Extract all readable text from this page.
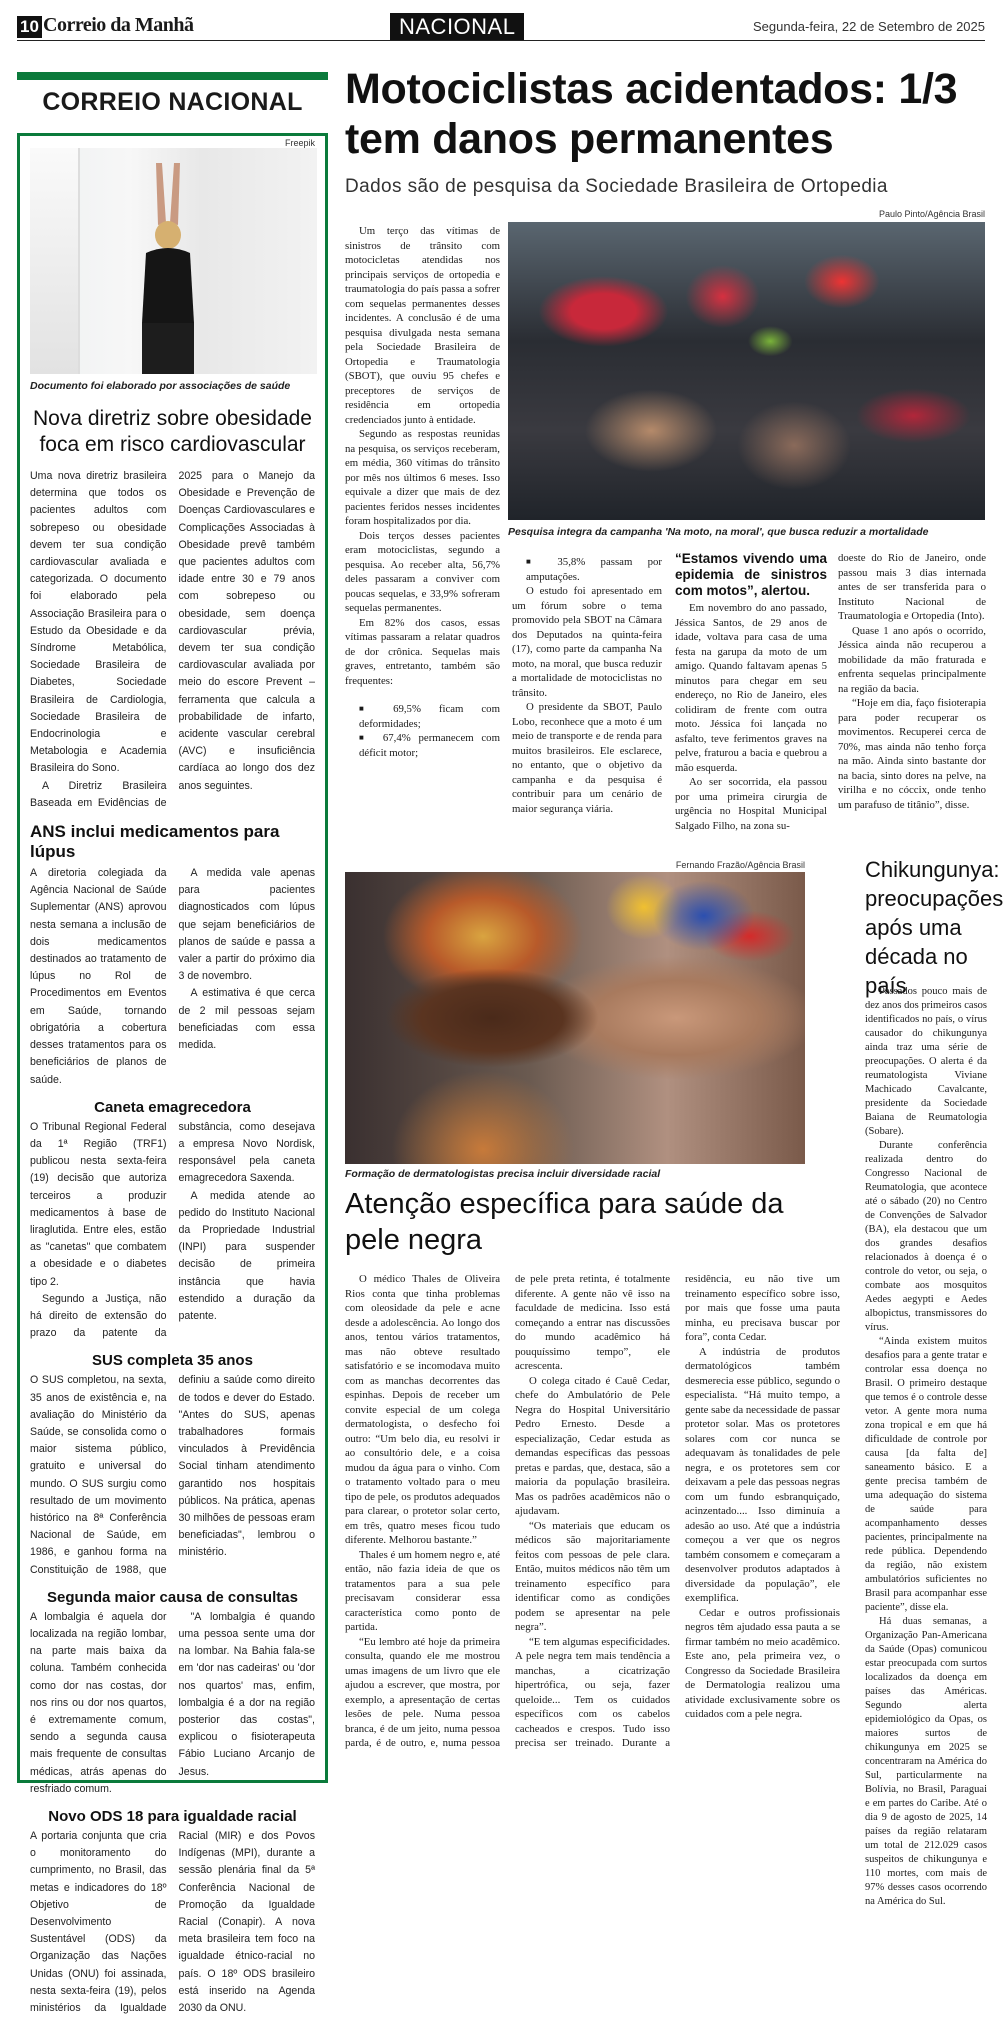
10 Correio da Manhã	NACIONAL	Segunda-feira, 22 de Setembro de 2025
CORREIO NACIONAL
Freepik
Documento foi elaborado por associações de saúde
Nova diretriz sobre obesidade foca em risco cardiovascular

Uma nova diretriz brasileira determina que todos os pacientes adultos com sobrepeso ou obesidade devem ter sua condição cardiovascular avaliada e categorizada. O documento foi elaborado pela Associação Brasileira para o Estudo da Obesidade e da Síndrome Metabólica, Sociedade Brasileira de Diabetes, Sociedade Brasileira de Cardiologia, Sociedade Brasileira de Endocrinologia e Metabologia e Academia Brasileira do Sono.

A Diretriz Brasileira Baseada em Evidências de 2025 para o Manejo da Obesidade e Prevenção de Doenças Cardiovasculares e Complicações Associadas à Obesidade prevê também que pacientes adultos com idade entre 30 e 79 anos com sobrepeso ou obesidade, sem doença cardiovascular prévia, devem ter sua condição cardiovascular avaliada por meio do escore Prevent – ferramenta que calcula a probabilidade de infarto, acidente vascular cerebral (AVC) e insuficiência cardíaca ao longo dos dez anos seguintes.

ANS inclui medicamentos para lúpus

A diretoria colegiada da Agência Nacional de Saúde Suplementar (ANS) aprovou nesta semana a inclusão de dois medicamentos destinados ao tratamento de lúpus no Rol de Procedimentos em Eventos em Saúde, tornando obrigatória a cobertura desses tratamentos para os beneficiários de planos de saúde.

A medida vale apenas para pacientes diagnosticados com lúpus que sejam beneficiários de planos de saúde e passa a valer a partir do próximo dia 3 de novembro.

A estimativa é que cerca de 2 mil pessoas sejam beneficiadas com essa medida.

Caneta emagrecedora

O Tribunal Regional Federal da 1ª Região (TRF1) publicou nesta sexta-feira (19) decisão que autoriza terceiros a produzir medicamentos à base de liraglutida. Entre eles, estão as "canetas" que combatem a obesidade e o diabetes tipo 2.

Segundo a Justiça, não há direito de extensão do prazo da patente da substância, como desejava a empresa Novo Nordisk, responsável pela caneta emagrecedora Saxenda.

A medida atende ao pedido do Instituto Nacional da Propriedade Industrial (INPI) para suspender decisão de primeira instância que havia estendido a duração da patente.

SUS completa 35 anos

O SUS completou, na sexta, 35 anos de existência e, na avaliação do Ministério da Saúde, se consolida como o maior sistema público, gratuito e universal do mundo. O SUS surgiu como resultado de um movimento histórico na 8ª Conferência Nacional de Saúde, em 1986, e ganhou forma na Constituição de 1988, que definiu a saúde como direito de todos e dever do Estado. "Antes do SUS, apenas trabalhadores formais vinculados à Previdência Social tinham atendimento garantido nos hospitais públicos. Na prática, apenas 30 milhões de pessoas eram beneficiadas", lembrou o ministério.

Segunda maior causa de consultas

A lombalgia é aquela dor localizada na região lombar, na parte mais baixa da coluna. Também conhecida como dor nas costas, dor nos rins ou dor nos quartos, é extremamente comum, sendo a segunda causa mais frequente de consultas médicas, atrás apenas do resfriado comum.

"A lombalgia é quando uma pessoa sente uma dor na lombar. Na Bahia fala-se em 'dor nas cadeiras' ou 'dor nos quartos' mas, enfim, lombalgia é a dor na região posterior das costas", explicou o fisioterapeuta Fábio Luciano Arcanjo de Jesus.

Novo ODS 18 para igualdade racial

A portaria conjunta que cria o monitoramento do cumprimento, no Brasil, das metas e indicadores do 18º Objetivo de Desenvolvimento Sustentável (ODS) da Organização das Nações Unidas (ONU) foi assinada, nesta sexta-feira (19), pelos ministérios da Igualdade Racial (MIR) e dos Povos Indígenas (MPI), durante a sessão plenária final da 5ª Conferência Nacional de Promoção da Igualdade Racial (Conapir). A nova meta brasileira tem foco na igualdade étnico-racial no país. O 18º ODS brasileiro está inserido na Agenda 2030 da ONU.

Motociclistas acidentados: 1/3 tem danos permanentes
Dados são de pesquisa da Sociedade Brasileira de Ortopedia
Paulo Pinto/Agência Brasil
Pesquisa integra da campanha 'Na moto, na moral', que busca reduzir a mortalidade

Um terço das vítimas de sinistros de trânsito com motocicletas atendidas nos principais serviços de ortopedia e traumatologia do país passa a sofrer com sequelas permanentes desses incidentes. A conclusão é de uma pesquisa divulgada nesta semana pela Sociedade Brasileira de Ortopedia e Traumatologia (SBOT), que ouviu 95 chefes e preceptores de serviços de residência em ortopedia credenciados junto à entidade.

Segundo as respostas reunidas na pesquisa, os serviços receberam, em média, 360 vítimas do trânsito por mês nos últimos 6 meses. Isso equivale a dizer que mais de dez pacientes feridos nesses incidentes foram hospitalizados por dia.

Dois terços desses pacientes eram motociclistas, segundo a pesquisa. Ao receber alta, 56,7% deles passaram a conviver com poucas sequelas, e 33,9% sofreram sequelas permanentes.

Em 82% dos casos, essas vítimas passaram a relatar quadros de dor crônica. Sequelas mais graves, entretanto, também são frequentes:

■ 69,5% ficam com deformidades;

■ 67,4% permanecem com déficit motor;

■ 35,8% passam por amputações.

O estudo foi apresentado em um fórum sobre o tema promovido pela SBOT na Câmara dos Deputados na quinta-feira (17), como parte da campanha Na moto, na moral, que busca reduzir a mortalidade de motociclistas no trânsito.

O presidente da SBOT, Paulo Lobo, reconhece que a moto é um meio de transporte e de renda para muitos brasileiros. Ele esclarece, no entanto, que o objetivo da campanha e da pesquisa é contribuir para um cenário de maior segurança viária.

“Estamos vivendo uma epidemia de sinistros com motos”, alertou.

Em novembro do ano passado, Jéssica Santos, de 29 anos de idade, voltava para casa de uma festa na garupa da moto de um amigo. Quando faltavam apenas 5 minutos para chegar em seu endereço, no Rio de Janeiro, eles colidiram de frente com outra moto. Jéssica foi lançada no asfalto, teve ferimentos graves na pelve, fraturou a bacia e quebrou a mão esquerda.

Ao ser socorrida, ela passou por uma primeira cirurgia de urgência no Hospital Municipal Salgado Filho, na zona su-

doeste do Rio de Janeiro, onde passou mais 3 dias internada antes de ser transferida para o Instituto Nacional de Traumatologia e Ortopedia (Into).

Quase 1 ano após o ocorrido, Jéssica ainda não recuperou a mobilidade da mão fraturada e enfrenta sequelas principalmente na região da bacia.

“Hoje em dia, faço fisioterapia para poder recuperar os movimentos. Recuperei cerca de 70%, mas ainda não tenho força na mão. Ainda sinto bastante dor na bacia, sinto dores na pelve, na virilha e no cóccix, onde tenho um parafuso de titânio”, disse.

Fernando Frazão/Agência Brasil
Formação de dermatologistas precisa incluir diversidade racial
Atenção específica para saúde da pele negra

O médico Thales de Oliveira Rios conta que tinha problemas com oleosidade da pele e acne desde a adolescência. Ao longo dos anos, tentou vários tratamentos, mas não obteve resultado satisfatório e se incomodava muito com as manchas decorrentes das espinhas. Depois de receber um convite especial de um colega dermatologista, o desfecho foi outro: “Um belo dia, eu resolvi ir ao consultório dele, e a coisa mudou da água para o vinho. Com o tratamento voltado para o meu tipo de pele, os produtos adequados para clarear, o protetor solar certo, em três, quatro meses ficou tudo diferente. Melhorou bastante.”

Thales é um homem negro e, até então, não fazia ideia de que os tratamentos para a sua pele precisavam considerar essa característica como ponto de partida.

“Eu lembro até hoje da primeira consulta, quando ele me mostrou umas imagens de um livro que ele ajudou a escrever, que mostra, por exemplo, a apresentação de certas lesões de pele. Numa pessoa branca, é de um jeito, numa pessoa parda, é de outro, e, numa pessoa de pele preta retinta, é totalmente diferente. A gente não vê isso na faculdade de medicina. Isso está começando a entrar nas discussões do mundo acadêmico há pouquíssimo tempo”, ele acrescenta.

O colega citado é Cauê Cedar, chefe do Ambulatório de Pele Negra do Hospital Universitário Pedro Ernesto. Desde a especialização, Cedar estuda as demandas específicas das pessoas pretas e pardas, que, destaca, são a maioria da população brasileira. Mas os padrões acadêmicos não o ajudavam.

“Os materiais que educam os médicos são majoritariamente feitos com pessoas de pele clara. Então, muitos médicos não têm um treinamento específico para identificar como as condições podem se apresentar na pele negra”.

“E tem algumas especificidades. A pele negra tem mais tendência a manchas, a cicatrização hipertrófica, ou seja, fazer queloide... Tem os cuidados específicos com os cabelos cacheados e crespos. Tudo isso precisa ser treinado. Durante a residência, eu não tive um treinamento específico sobre isso, por mais que fosse uma pauta minha, eu precisava buscar por fora”, conta Cedar.

A indústria de produtos dermatológicos também desmerecia esse público, segundo o especialista. “Há muito tempo, a gente sabe da necessidade de passar protetor solar. Mas os protetores solares com cor nunca se adequavam às tonalidades de pele negra, e os protetores sem cor deixavam a pele das pessoas negras com um fundo esbranquiçado, acinzentado.... Isso diminuía a adesão ao uso. Até que a indústria começou a ver que os negros também consomem e começaram a desenvolver produtos adaptados à diversidade da população”, ele exemplifica.

Cedar e outros profissionais negros têm ajudado essa pauta a se firmar também no meio acadêmico. Este ano, pela primeira vez, o Congresso da Sociedade Brasileira de Dermatologia realizou uma atividade exclusivamente sobre os cuidados com a pele negra.

Chikungunya: preocupações após uma década no país

Passados pouco mais de dez anos dos primeiros casos identificados no país, o vírus causador do chikungunya ainda traz uma série de preocupações. O alerta é da reumatologista Viviane Machicado Cavalcante, presidente da Sociedade Baiana de Reumatologia (Sobare).

Durante conferência realizada dentro do Congresso Nacional de Reumatologia, que acontece até o sábado (20) no Centro de Convenções de Salvador (BA), ela destacou que um dos grandes desafios relacionados à doença é o controle do vetor, ou seja, o combate aos mosquitos Aedes aegypti e Aedes albopictus, transmissores do vírus.

“Ainda existem muitos desafios para a gente tratar e controlar essa doença no Brasil. O primeiro destaque que temos é o controle desse vetor. A gente mora numa zona tropical e em que há dificuldade de controle por causa [da falta de] saneamento básico. E a gente precisa também de uma adequação do sistema de saúde para acompanhamento desses pacientes, principalmente na rede pública. Dependendo da região, não existem ambulatórios suficientes no Brasil para acompanhar esse paciente”, disse ela.

Há duas semanas, a Organização Pan-Americana da Saúde (Opas) comunicou estar preocupada com surtos localizados da doença em países das Américas. Segundo alerta epidemiológico da Opas, os maiores surtos de chikungunya em 2025 se concentraram na América do Sul, particularmente na Bolívia, no Brasil, Paraguai e em partes do Caribe. Até o dia 9 de agosto de 2025, 14 países da região relataram um total de 212.029 casos suspeitos de chikungunya e 110 mortes, com mais de 97% desses casos ocorrendo na América do Sul.
